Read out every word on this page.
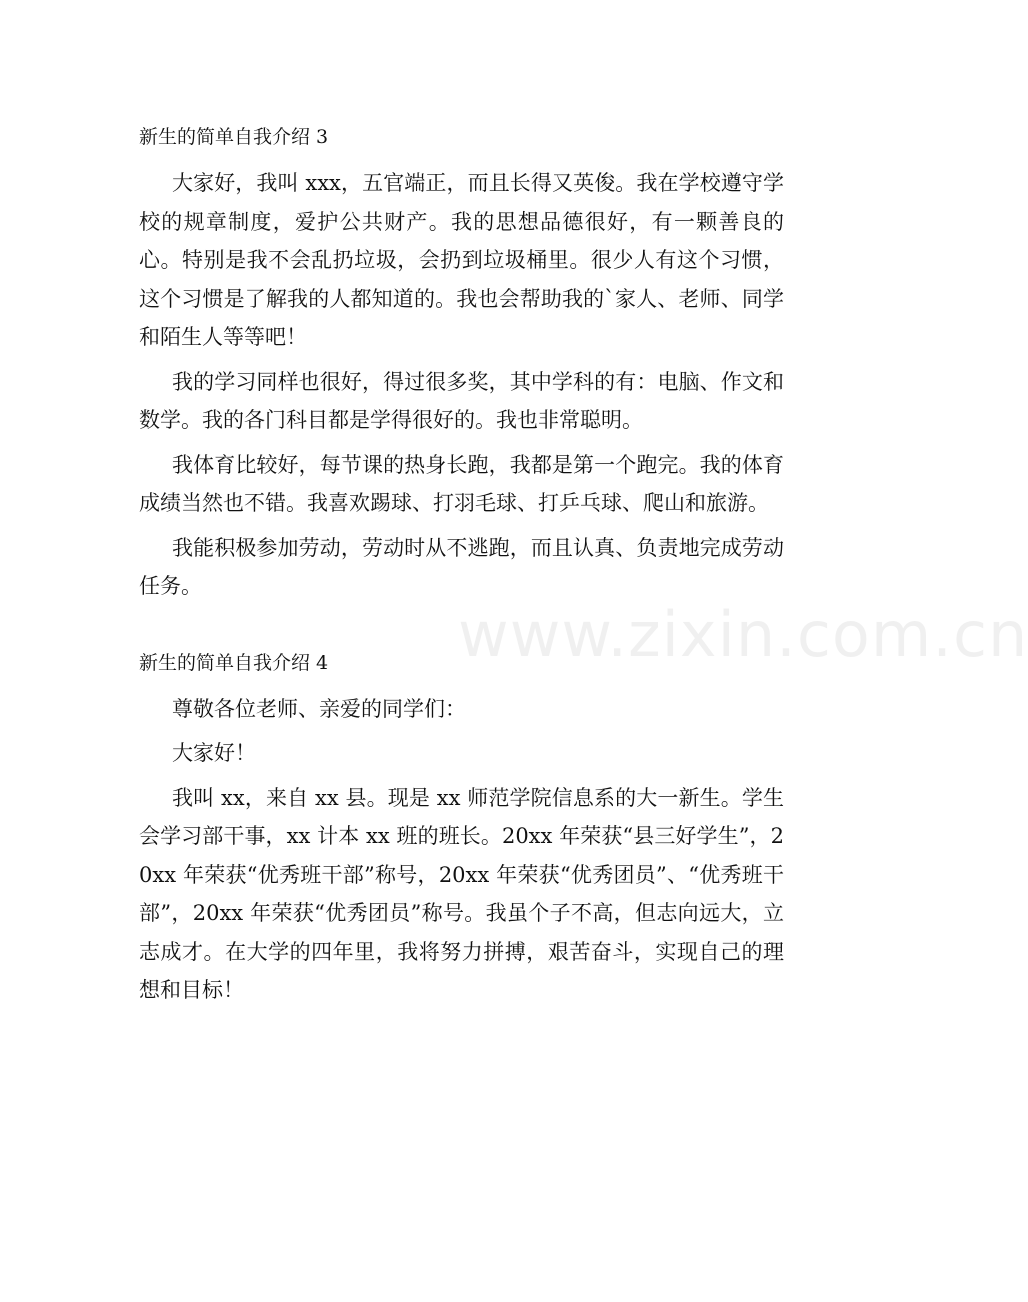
www.zixin.com.cn

新生的简单自我介绍 3

大家好，我叫 xxx，五官端正，而且长得又英俊。我在学校遵守学校的规章制度，爱护公共财产。我的思想品德很好，有一颗善良的心。特别是我不会乱扔垃圾，会扔到垃圾桶里。很少人有这个习惯，这个习惯是了解我的人都知道的。我也会帮助我的`家人、老师、同学和陌生人等等吧！

我的学习同样也很好，得过很多奖，其中学科的有：电脑、作文和数学。我的各门科目都是学得很好的。我也非常聪明。

我体育比较好，每节课的热身长跑，我都是第一个跑完。我的体育成绩当然也不错。我喜欢踢球、打羽毛球、打乒乓球、爬山和旅游。

我能积极参加劳动，劳动时从不逃跑，而且认真、负责地完成劳动任务。

新生的简单自我介绍 4

尊敬各位老师、亲爱的同学们：

大家好！

我叫 xx，来自 xx 县。现是 xx 师范学院信息系的大一新生。学生会学习部干事，xx 计本 xx 班的班长。20xx 年荣获“县三好学生”，20xx 年荣获“优秀班干部”称号，20xx 年荣获“优秀团员”、“优秀班干部”，20xx 年荣获“优秀团员”称号。我虽个子不高，但志向远大，立志成才。在大学的四年里，我将努力拼搏，艰苦奋斗，实现自己的理想和目标！
